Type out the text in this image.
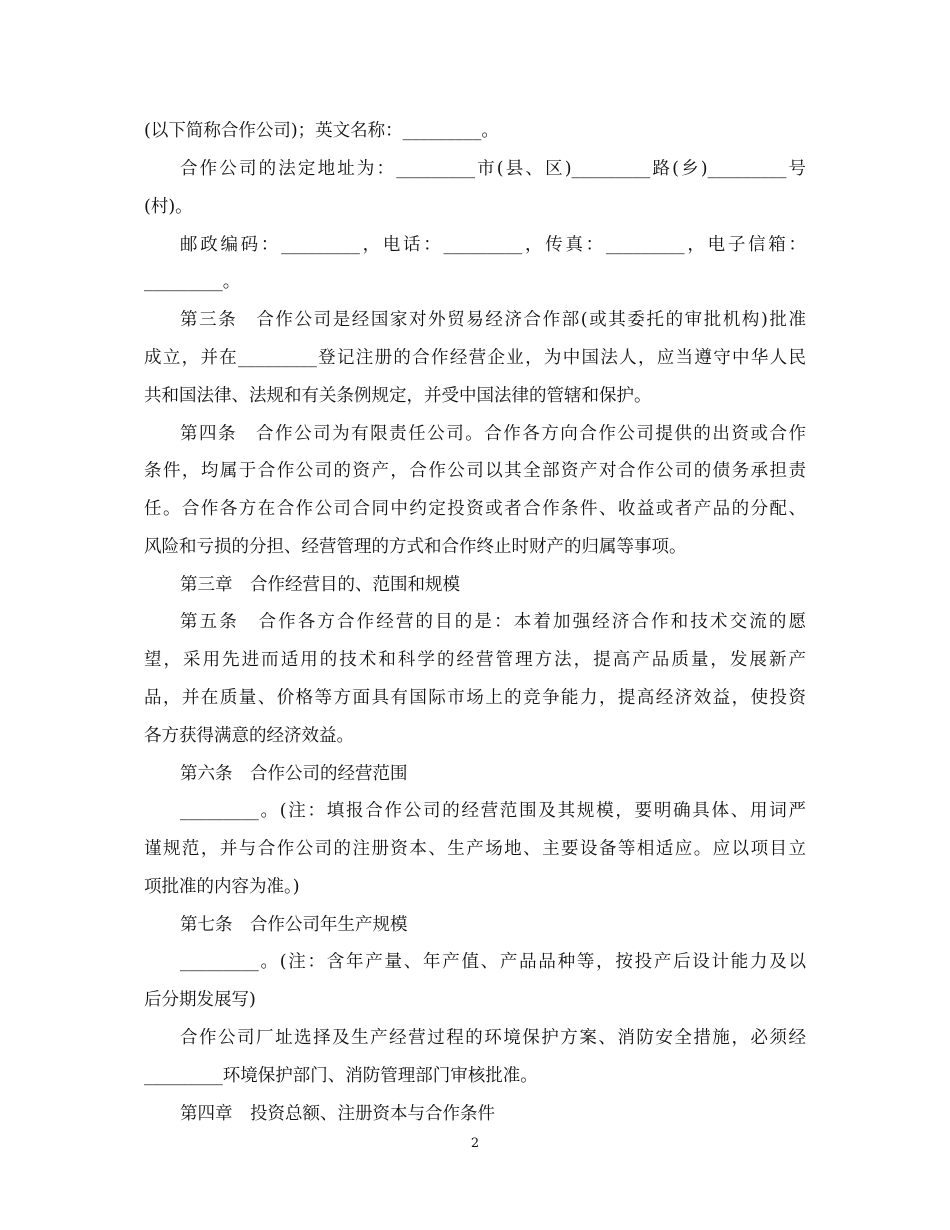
(以下简称合作公司)；英文名称：_________。
合作公司的法定地址为：_________市(县、区)_________路(乡)_________号
(村)。
邮政编码：_________，电话：_________，传真：_________，电子信箱：
_________。
第三条　合作公司是经国家对外贸易经济合作部(或其委托的审批机构)批准
成立，并在_________登记注册的合作经营企业，为中国法人，应当遵守中华人民
共和国法律、法规和有关条例规定，并受中国法律的管辖和保护。
第四条　合作公司为有限责任公司。合作各方向合作公司提供的出资或合作
条件，均属于合作公司的资产，合作公司以其全部资产对合作公司的债务承担责
任。合作各方在合作公司合同中约定投资或者合作条件、收益或者产品的分配、
风险和亏损的分担、经营管理的方式和合作终止时财产的归属等事项。
第三章　合作经营目的、范围和规模
第五条　合作各方合作经营的目的是：本着加强经济合作和技术交流的愿
望，采用先进而适用的技术和科学的经营管理方法，提高产品质量，发展新产
品，并在质量、价格等方面具有国际市场上的竞争能力，提高经济效益，使投资
各方获得满意的经济效益。
第六条　合作公司的经营范围
_________。(注：填报合作公司的经营范围及其规模，要明确具体、用词严
谨规范，并与合作公司的注册资本、生产场地、主要设备等相适应。应以项目立
项批准的内容为准。)
第七条　合作公司年生产规模
_________。(注：含年产量、年产值、产品品种等，按投产后设计能力及以
后分期发展写)
合作公司厂址选择及生产经营过程的环境保护方案、消防安全措施，必须经
_________环境保护部门、消防管理部门审核批准。
第四章　投资总额、注册资本与合作条件
2
